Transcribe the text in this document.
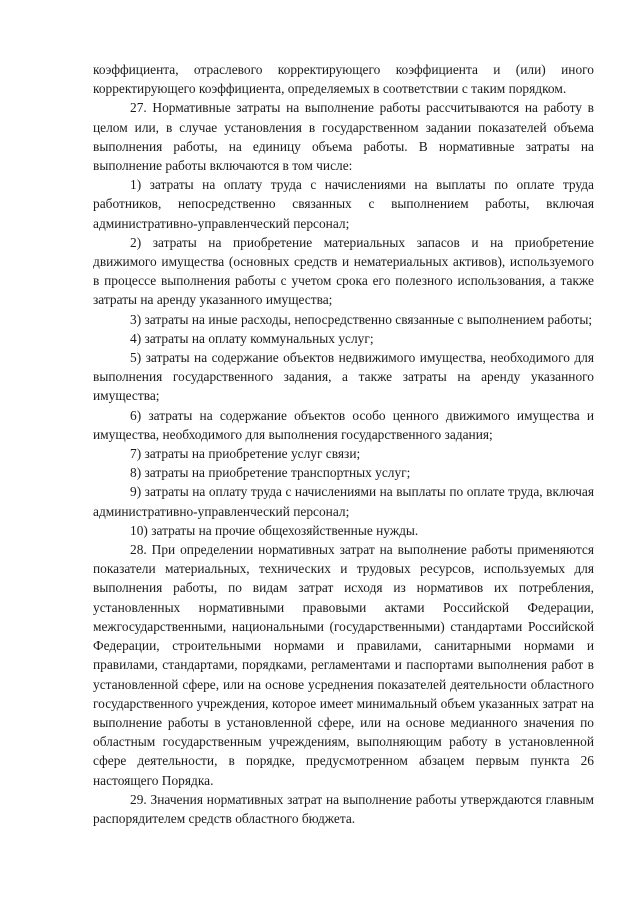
коэффициента, отраслевого корректирующего коэффициента и (или) иного корректирующего коэффициента, определяемых в соответствии с таким порядком.

27. Нормативные затраты на выполнение работы рассчитываются на работу в целом или, в случае установления в государственном задании показателей объема выполнения работы, на единицу объема работы. В нормативные затраты на выполнение работы включаются в том числе:

1) затраты на оплату труда с начислениями на выплаты по оплате труда работников, непосредственно связанных с выполнением работы, включая административно-управленческий персонал;

2) затраты на приобретение материальных запасов и на приобретение движимого имущества (основных средств и нематериальных активов), используемого в процессе выполнения работы с учетом срока его полезного использования, а также затраты на аренду указанного имущества;

3) затраты на иные расходы, непосредственно связанные с выполнением работы;

4) затраты на оплату коммунальных услуг;

5) затраты на содержание объектов недвижимого имущества, необходимого для выполнения государственного задания, а также затраты на аренду указанного имущества;

6) затраты на содержание объектов особо ценного движимого имущества и имущества, необходимого для выполнения государственного задания;

7) затраты на приобретение услуг связи;

8) затраты на приобретение транспортных услуг;

9) затраты на оплату труда с начислениями на выплаты по оплате труда, включая административно-управленческий персонал;

10) затраты на прочие общехозяйственные нужды.

28. При определении нормативных затрат на выполнение работы применяются показатели материальных, технических и трудовых ресурсов, используемых для выполнения работы, по видам затрат исходя из нормативов их потребления, установленных нормативными правовыми актами Российской Федерации, межгосударственными, национальными (государственными) стандартами Российской Федерации, строительными нормами и правилами, санитарными нормами и правилами, стандартами, порядками, регламентами и паспортами выполнения работ в установленной сфере, или на основе усреднения показателей деятельности областного государственного учреждения, которое имеет минимальный объем указанных затрат на выполнение работы в установленной сфере, или на основе медианного значения по областным государственным учреждениям, выполняющим работу в установленной сфере деятельности, в порядке, предусмотренном абзацем первым пункта 26 настоящего Порядка.

29. Значения нормативных затрат на выполнение работы утверждаются главным распорядителем средств областного бюджета.
